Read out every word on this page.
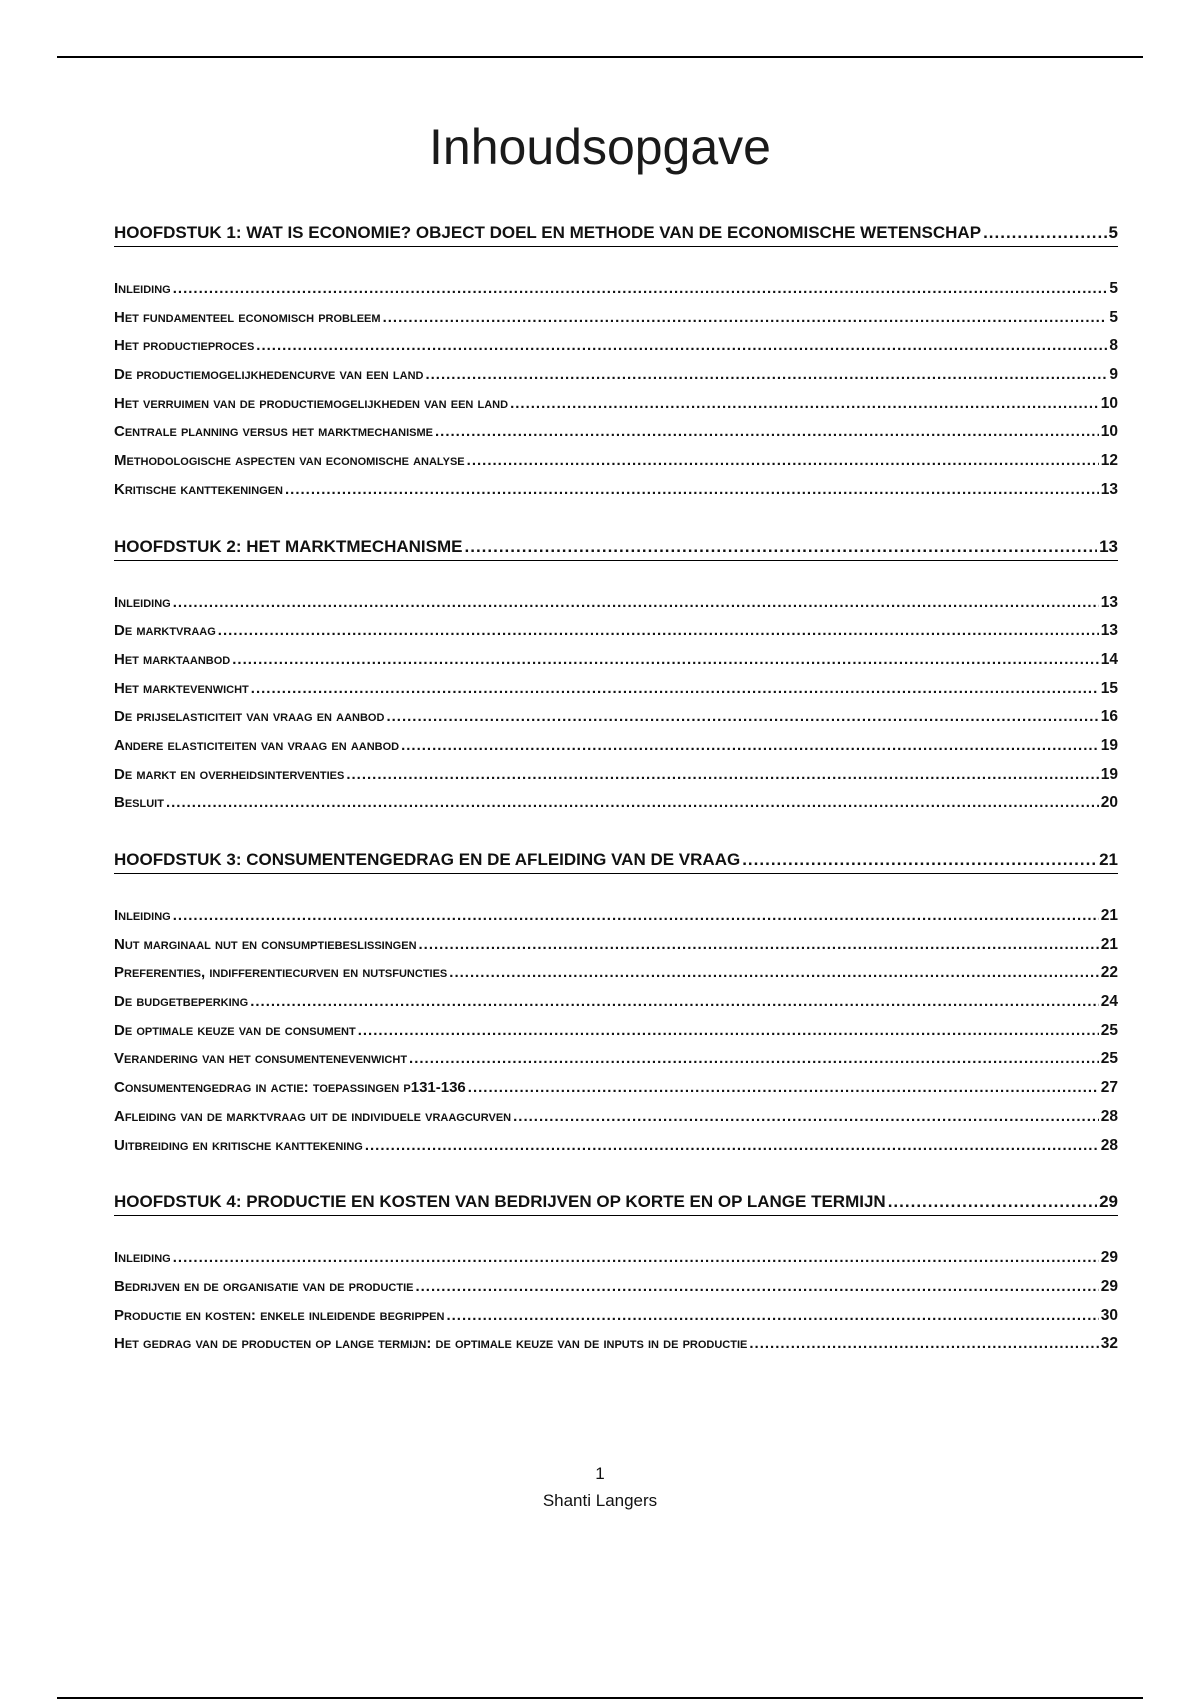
Inhoudsopgave
HOOFDSTUK 1: WAT IS ECONOMIE? OBJECT DOEL EN METHODE VAN DE ECONOMISCHE WETENSCHAP .....	5
Inleiding .....	5
Het fundamenteel economisch probleem .....	5
Het productieproces .....	8
De productiemogelijkhedencurve van een land .....	9
Het verruimen van de productiemogelijkheden van een land .....	10
Centrale planning versus het marktmechanisme .....	10
Methodologische aspecten van economische analyse .....	12
Kritische kanttekeningen .....	13
HOOFDSTUK 2: HET MARKTMECHANISME .....	13
Inleiding .....	13
De marktvraag .....	13
Het marktaanbod .....	14
Het marktevenwicht .....	15
De prijselasticiteit van vraag en aanbod .....	16
Andere elasticiteiten van vraag en aanbod .....	19
De markt en overheidsinterventies .....	19
Besluit .....	20
HOOFDSTUK 3: CONSUMENTENGEDRAG EN DE AFLEIDING VAN DE VRAAG .....	21
Inleiding .....	21
Nut marginaal nut en consumptiebeslissingen .....	21
Preferenties, indifferentiecurven en nutsfuncties .....	22
De budgetbeperking .....	24
De optimale keuze van de consument .....	25
Verandering van het consumentenevenwicht .....	25
Consumentengedrag in actie: toepassingen p131-136 .....	27
Afleiding van de marktvraag uit de individuele vraagcurven .....	28
Uitbreiding en kritische kanttekening .....	28
HOOFDSTUK 4: PRODUCTIE EN KOSTEN VAN BEDRIJVEN OP KORTE EN OP LANGE TERMIJN .....	29
Inleiding .....	29
Bedrijven en de organisatie van de productie .....	29
Productie en kosten: enkele inleidende begrippen .....	30
Het gedrag van de producten op lange termijn: de optimale keuze van de inputs in de productie .....	32
1
Shanti Langers
